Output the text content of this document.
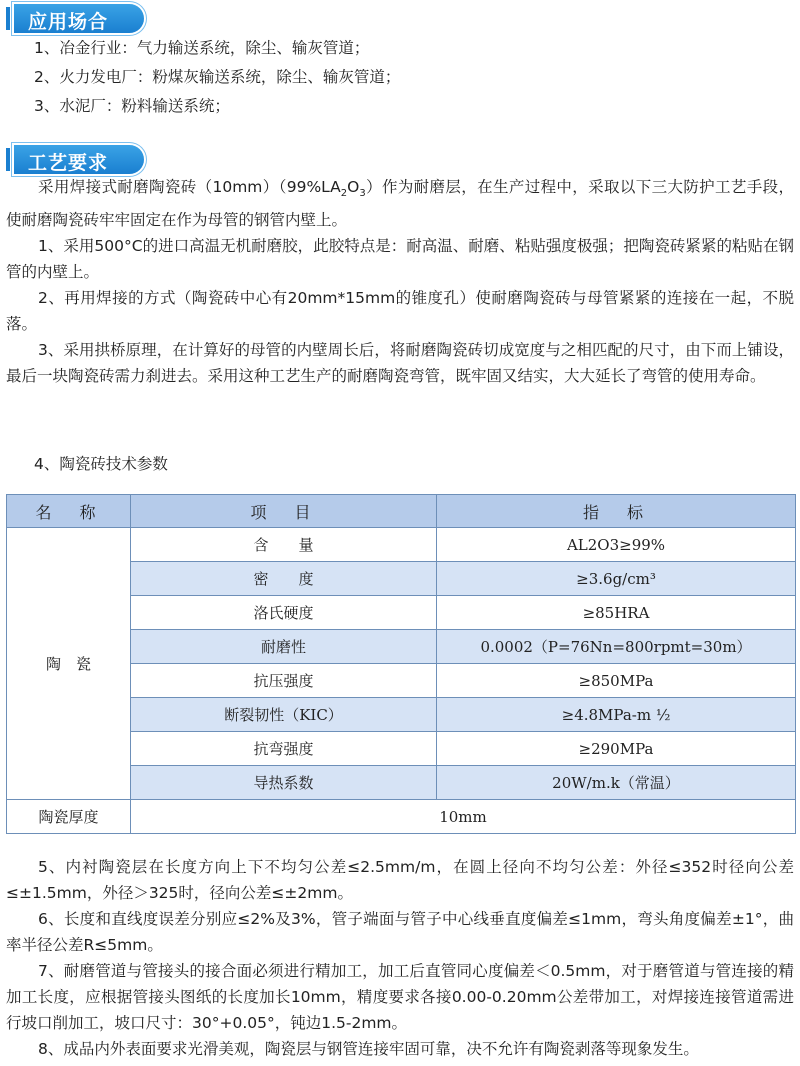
应用场合
1、冶金行业：气力输送系统，除尘、输灰管道；
2、火力发电厂：粉煤灰输送系统，除尘、输灰管道；
3、水泥厂：粉料输送系统；
工艺要求

采用焊接式耐磨陶瓷砖$(10mm)(99\%LA_2O_3)$作为耐磨层，在生产过程中，采取以下三大防护工艺手段，使耐磨陶瓷砖牢牢固定在作为母管的钢管内壁上。

1、采用500°C的进口高温无机耐磨胶，此胶特点是：耐高温、耐磨、粘贴强度极强；把陶瓷砖紧紧的粘贴在钢管的内壁上。

2、再用焊接的方式（陶瓷砖中心有20mm*15mm的锥度孔）使耐磨陶瓷砖与母管紧紧的连接在一起，不脱落。

3、采用拱桥原理，在计算好的母管的内壁周长后，将耐磨陶瓷砖切成宽度与之相匹配的尺寸，由下而上铺设，最后一块陶瓷砖需力刹进去。采用这种工艺生产的耐磨陶瓷弯管，既牢固又结实，大大延长了弯管的使用寿命。

4、陶瓷砖技术参数
名　称	项　目	指　标
陶　瓷	含　　量	AL2O3≥99%
	密　　度	≥3.6g/cm³
	洛氏硬度	≥85HRA
	耐磨性	0.0002（P=76Nn=800rpmt=30m）
	抗压强度	≥850MPa
	断裂韧性（KIC）	≥4.8MPa-m ½
	抗弯强度	≥290MPa
	导热系数	20W/m.k（常温）
陶瓷厚度	10mm	

5、内衬陶瓷层在长度方向上下不均匀公差≤2.5mm/m，在圆上径向不均匀公差：外径≤352时径向公差≤±1.5mm，外径＞325时，径向公差≤±2mm。

6、长度和直线度误差分别应≤2%及3%，管子端面与管子中心线垂直度偏差≤1mm，弯头角度偏差±1°，曲率半径公差R≤5mm。

7、耐磨管道与管接头的接合面必须进行精加工，加工后直管同心度偏差＜0.5mm，对于磨管道与管连接的精加工长度，应根据管接头图纸的长度加长10mm，精度要求各接0.00-0.20mm公差带加工，对焊接连接管道需进行坡口削加工，坡口尺寸：30°+0.05°，钝边1.5-2mm。

8、成品内外表面要求光滑美观，陶瓷层与钢管连接牢固可靠，决不允许有陶瓷剥落等现象发生。
